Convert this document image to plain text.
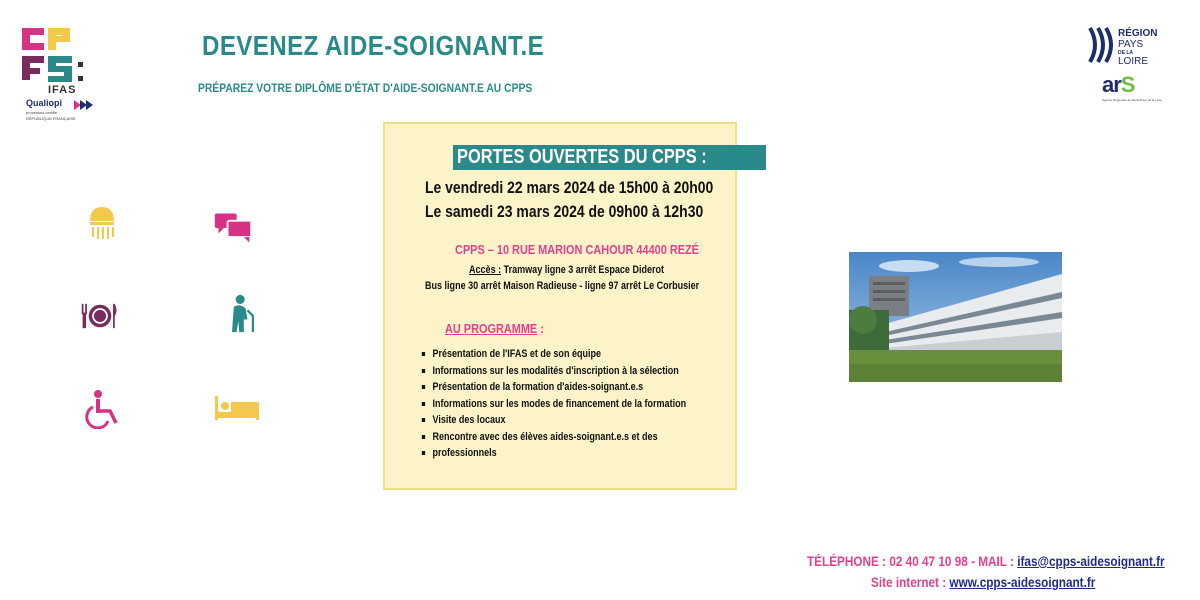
IFAS
Qualiopi
processus certifié
RÉPUBLIQUE FRANÇAISE
DEVENEZ AIDE-SOIGNANT.E
PRÉPAREZ VOTRE DIPLÔME D'ÉTAT D'AIDE-SOIGNANT.E AU CPPS
RÉGION
PAYS
DE LA
LOIRE
arS
Agence Régionale de Santé Pays de la Loire
PORTES OUVERTES DU CPPS :
Le vendredi 22 mars 2024 de 15h00 à 20h00
Le samedi 23 mars 2024 de 09h00 à 12h30
CPPS – 10 RUE MARION CAHOUR 44400 REZÉ
Accès : Tramway ligne 3 arrêt Espace Diderot
Bus ligne 30 arrêt Maison Radieuse - ligne 97 arrêt Le Corbusier
AU PROGRAMME :
Présentation de l'IFAS et de son équipe
Informations sur les modalités d'inscription à la sélection
Présentation de la formation d'aides-soignant.e.s
Informations sur les modes de financement de la formation
Visite des locaux
Rencontre avec des élèves aides-soignant.e.s et des
professionnels
TÉLÉPHONE : 02 40 47 10 98 - MAIL : ifas@cpps-aidesoignant.fr
Site internet : www.cpps-aidesoignant.fr
